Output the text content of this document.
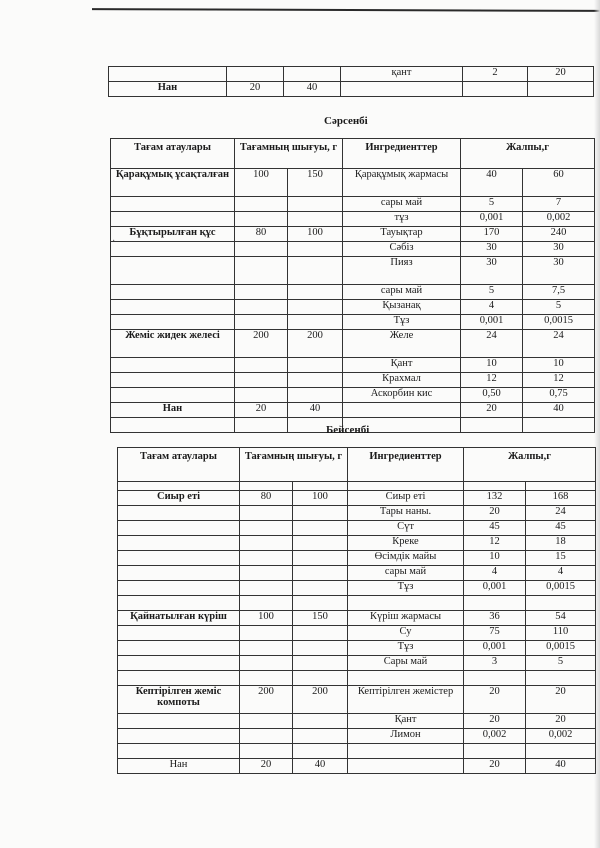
·
			қант	2	20
Нан	20	40			
Сәрсенбі
Тағам атаулары	Тағамның шығуы, г		Ингредиенттер	Жалпы,г	
Қарақұмық ұсақталған	100	150	Қарақұмық жармасы	40	60
			сары май	5	7
			тұз	0,001	0,002
Бұқтырылған құс	80	100	Тауықтар	170	240
			Сәбіз	30	30
			Пияз	30	30
			сары май	5	7,5
			Қызанақ	4	5
			Тұз	0,001	0,0015
Жеміс жидек желесі	200	200	Желе	24	24
			Қант	10	10
			Крахмал	12	12
			Аскорбин кис	0,50	0,75
Нан	20	40		20	40

Бейсенбі
Тағам атаулары	Тағамның шығуы, г		Ингредиенттер	Жалпы,г	

Сиыр еті	80	100	Сиыр еті	132	168
			Тары наны.	20	24
			Сүт	45	45
			Креке	12	18
			Өсімдік майы	10	15
			сары май	4	4
			Тұз	0,001	0,0015

Қайнатылған күріш	100	150	Күріш жармасы	36	54
			Су	75	110
			Тұз	0,001	0,0015
			Сары май	3	5

Кептірілген жеміс компоты	200	200	Кептірілген жемістер	20	20
			Қант	20	20
			Лимон	0,002	0,002

Нан	20	40		20	40
